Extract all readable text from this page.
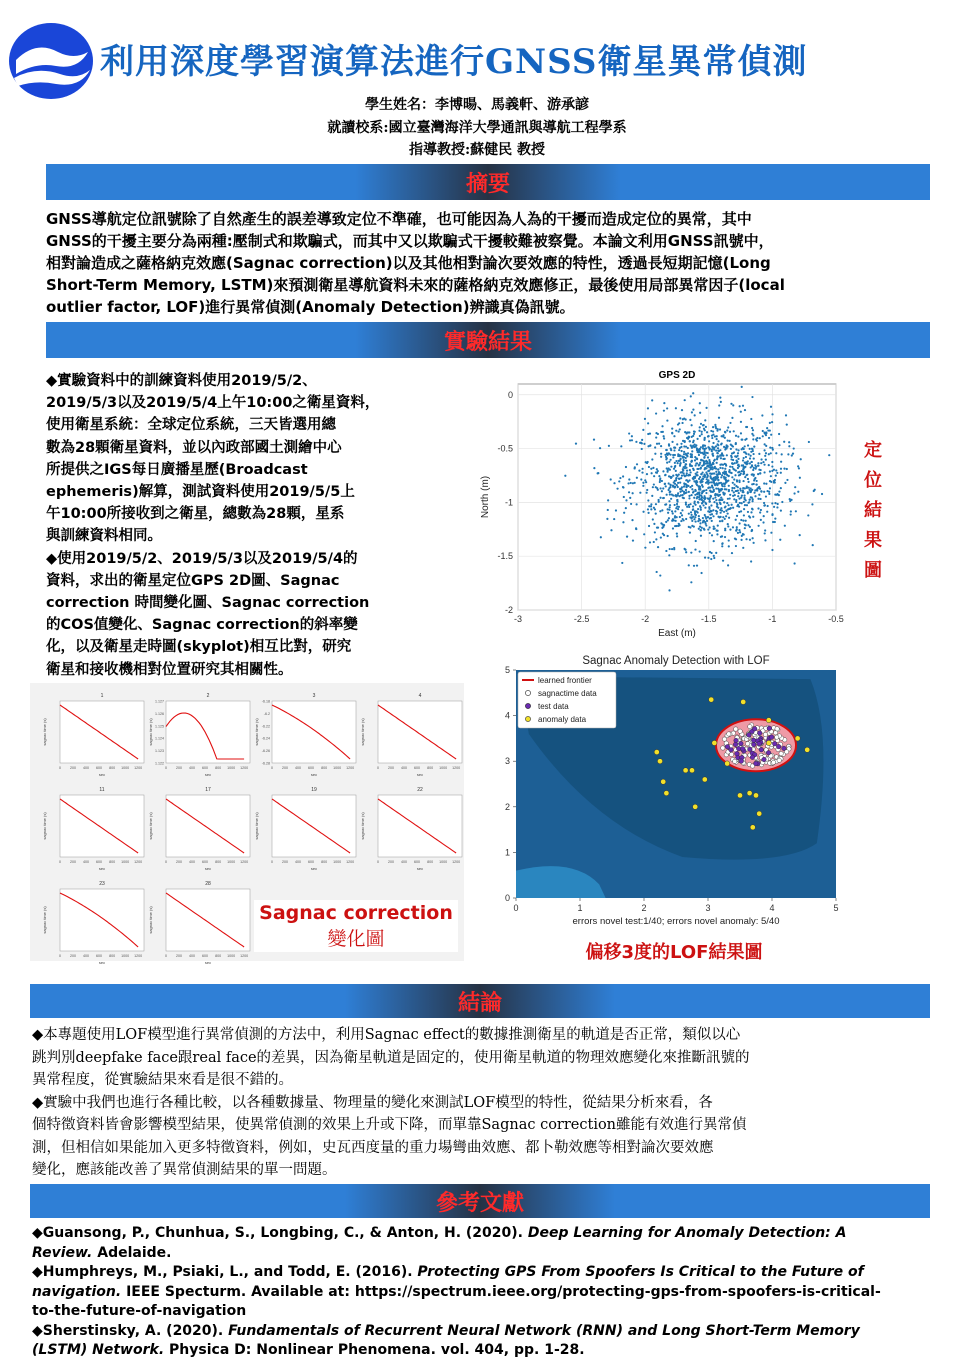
利用深度學習演算法進行GNSS衛星異常偵測
學生姓名：李博暘、馬義軒、游承諺
就讀校系:國立臺灣海洋大學通訊與導航工程學系
指導教授:蘇健民 教授
摘要
GNSS導航定位訊號除了自然產生的誤差導致定位不準確，也可能因為人為的干擾而造成定位的異常，其中
GNSS的干擾主要分為兩種:壓制式和欺騙式，而其中又以欺騙式干擾較難被察覺。本論文利用GNSS訊號中，
相對論造成之薩格納克效應(Sagnac correction)以及其他相對論次要效應的特性，透過長短期記憶(Long
Short-Term Memory, LSTM)來預測衛星導航資料未來的薩格納克效應修正，最後使用局部異常因子(local
outlier factor, LOF)進行異常偵測(Anomaly Detection)辨識真偽訊號。
實驗結果
◆實驗資料中的訓練資料使用2019/5/2、
2019/5/3以及2019/5/4上午10:00之衛星資料，
使用衛星系統：全球定位系統，三天皆選用總
數為28顆衛星資料，並以內政部國土測繪中心
所提供之IGS每日廣播星歷(Broadcast
ephemeris)解算，測試資料使用2019/5/5上
午10:00所接收到之衛星，總數為28顆，星系
與訓練資料相同。
◆使用2019/5/2、2019/5/3以及2019/5/4的
資料，求出的衛星定位GPS 2D圖、Sagnac
correction 時間變化圖、Sagnac correction
的COS值變化、Sagnac correction的斜率變
化，以及衛星走時圖(skyplot)相互比對，研究
衛星和接收機相對位置研究其相關性。
GPS 2D
-3	-2.5	-2	-1.5	-1	-0.5
0
-0.5
-1
-1.5
-2
East (m)
North (m)
定
位
結
果
圖
1
sagnac time (s)
sec
0	200 400 600 800 1000 1200
2
sagnac time (s)
sec
0	200 400 600 800 1000 1200
1.127
1.126
1.125
1.124
1.123
1.122
3
sagnac time (s)
sec
0	200 400 600 800 1000 1200
-6.18
-6.2
-6.22
-6.24
-6.26
-6.28
4
sagnac time (s)
sec
0	200 400 600 800 1000 1200
11
sagnac time (s)
sec
0	200 400 600 800 1000 1200
17
sagnac time (s)
sec
0	200 400 600 800 1000 1200
19
sagnac time (s)
sec
0	200 400 600 800 1000 1200
22
sagnac time (s)
sec
0	200 400 600 800 1000 1200
23
sagnac time (s)
sec
0	200 400 600 800 1000 1200
28
sagnac time (s)
sec
0	200 400 600 800 1000 1200
Sagnac correction
變化圖
Sagnac Anomaly Detection with LOF
learned frontier
sagnactime data
test data
anomaly data
0	1	2	3	4	5
0
1
2
3
4
5
errors novel test:1/40; errors novel anomaly: 5/40
偏移3度的LOF結果圖
結論
◆本專題使用LOF模型進行異常偵測的方法中，利用Sagnac effect的數據推測衛星的軌道是否正常，類似以心
跳判別deepfake face跟real face的差異，因為衛星軌道是固定的，使用衛星軌道的物理效應變化來推斷訊號的
異常程度，從實驗結果來看是很不錯的。
◆實驗中我們也進行各種比較，以各種數據量、物理量的變化來測試LOF模型的特性，從結果分析來看，各
個特徵資料皆會影響模型結果，使異常偵測的效果上升或下降，而單靠Sagnac correction雖能有效進行異常偵
測，但相信如果能加入更多特徵資料，例如，史瓦西度量的重力場彎曲效應、都卜勒效應等相對論次要效應
變化，應該能改善了異常偵測結果的單一問題。
參考文獻
◆Guansong, P., Chunhua, S., Longbing, C., & Anton, H. (2020). Deep Learning for Anomaly Detection: A
Review. Adelaide.
◆Humphreys, M., Psiaki, L., and Todd, E. (2016). Protecting GPS From Spoofers Is Critical to the Future of
navigation. IEEE Specturm. Available at: https://spectrum.ieee.org/protecting-gps-from-spoofers-is-critical-
to-the-future-of-navigation
◆Sherstinsky, A. (2020). Fundamentals of Recurrent Neural Network (RNN) and Long Short-Term Memory
(LSTM) Network. Physica D: Nonlinear Phenomena. vol. 404, pp. 1-28.
